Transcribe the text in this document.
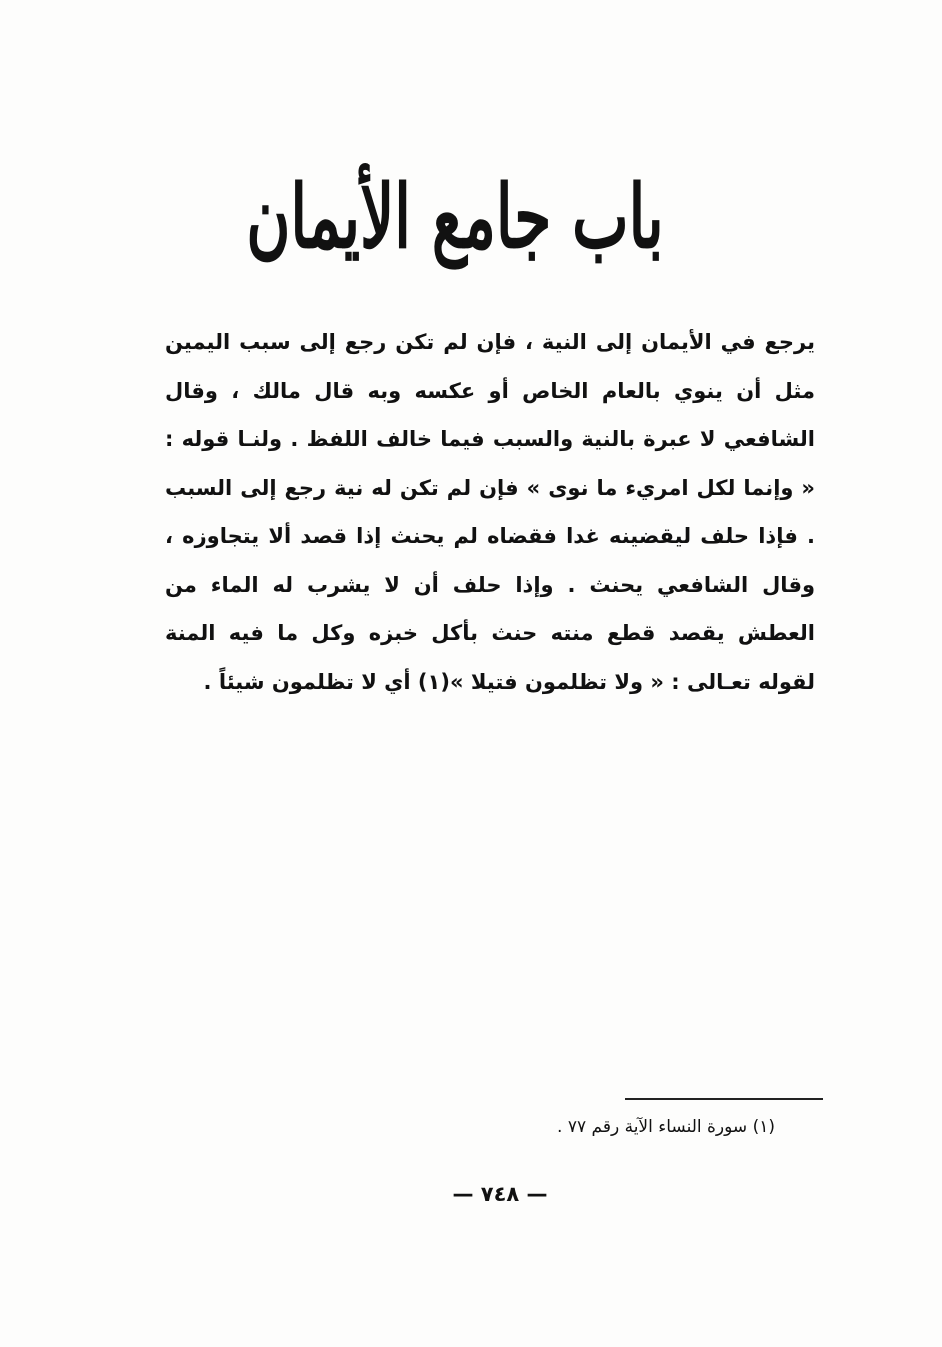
باب جامع الأيمان

يرجع في الأيمان إلى النية ، فإن لم تكن رجع إلى سبب اليمين مثل أن ينوي بالعام الخاص أو عكسه وبه قال مالك ، وقال الشافعي لا عبرة بالنية والسبب فيما خالف اللفظ . ولنـا قوله : « وإنما لكل امريء ما نوى » فإن لم تكن له نية رجع إلى السبب . فإذا حلف ليقضينه غدا فقضاه لم يحنث إذا قصد ألا يتجاوزه ، وقال الشافعي يحنث . وإذا حلف أن لا يشرب له الماء من العطش يقصد قطع منته حنث بأكل خبزه وكل ما فيه المنة لقوله تعـالى : « ولا تظلمون فتيلا »(١) أي لا تظلمون شيئاً .

(١) سورة النساء الآية رقم ٧٧ .
— ٧٤٨ —
